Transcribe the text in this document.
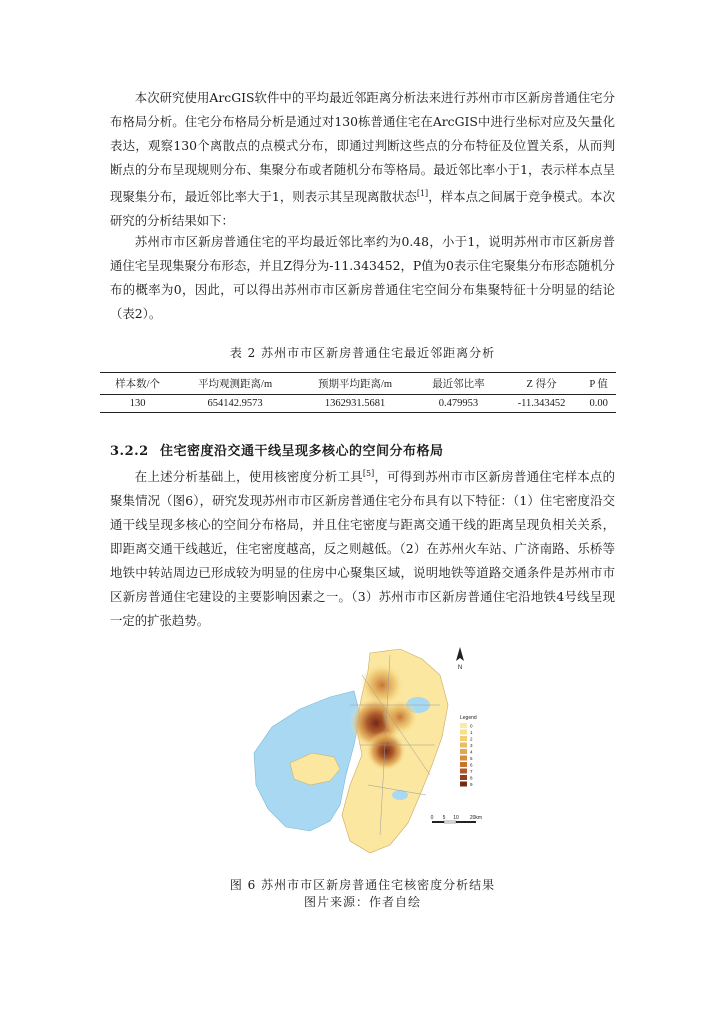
本次研究使用ArcGIS软件中的平均最近邻距离分析法来进行苏州市市区新房普通住宅分布格局分析。住宅分布格局分析是通过对130栋普通住宅在ArcGIS中进行坐标对应及矢量化表达，观察130个离散点的点模式分布，即通过判断这些点的分布特征及位置关系，从而判断点的分布呈现规则分布、集聚分布或者随机分布等格局。最近邻比率小于1，表示样本点呈现聚集分布，最近邻比率大于1，则表示其呈现离散状态[1]，样本点之间属于竞争模式。本次研究的分析结果如下：

苏州市市区新房普通住宅的平均最近邻比率约为0.48，小于1，说明苏州市市区新房普通住宅呈现集聚分布形态，并且Z得分为-11.343452，P值为0表示住宅聚集分布形态随机分布的概率为0，因此，可以得出苏州市市区新房普通住宅空间分布集聚特征十分明显的结论（表2）。

表 2 苏州市市区新房普通住宅最近邻距离分析

样本数/个	平均观测距离/m	预期平均距离/m	最近邻比率	Z 得分	P 值
130	654142.9573	1362931.5681	0.479953	-11.343452	0.00
3.2.2 住宅密度沿交通干线呈现多核心的空间分布格局

在上述分析基础上，使用核密度分析工具[5]，可得到苏州市市区新房普通住宅样本点的聚集情况（图6），研究发现苏州市市区新房普通住宅分布具有以下特征：（1）住宅密度沿交通干线呈现多核心的空间分布格局，并且住宅密度与距离交通干线的距离呈现负相关关系，即距离交通干线越近，住宅密度越高，反之则越低。（2）在苏州火车站、广济南路、乐桥等地铁中转站周边已形成较为明显的住房中心聚集区域，说明地铁等道路交通条件是苏州市市区新房普通住宅建设的主要影响因素之一。（3）苏州市市区新房普通住宅沿地铁4号线呈现一定的扩张趋势。

N
Legend
0
1
2
3
4
5
6
7
8
9
0 5 10 20km

图 6 苏州市市区新房普通住宅核密度分析结果

图片来源：作者自绘
